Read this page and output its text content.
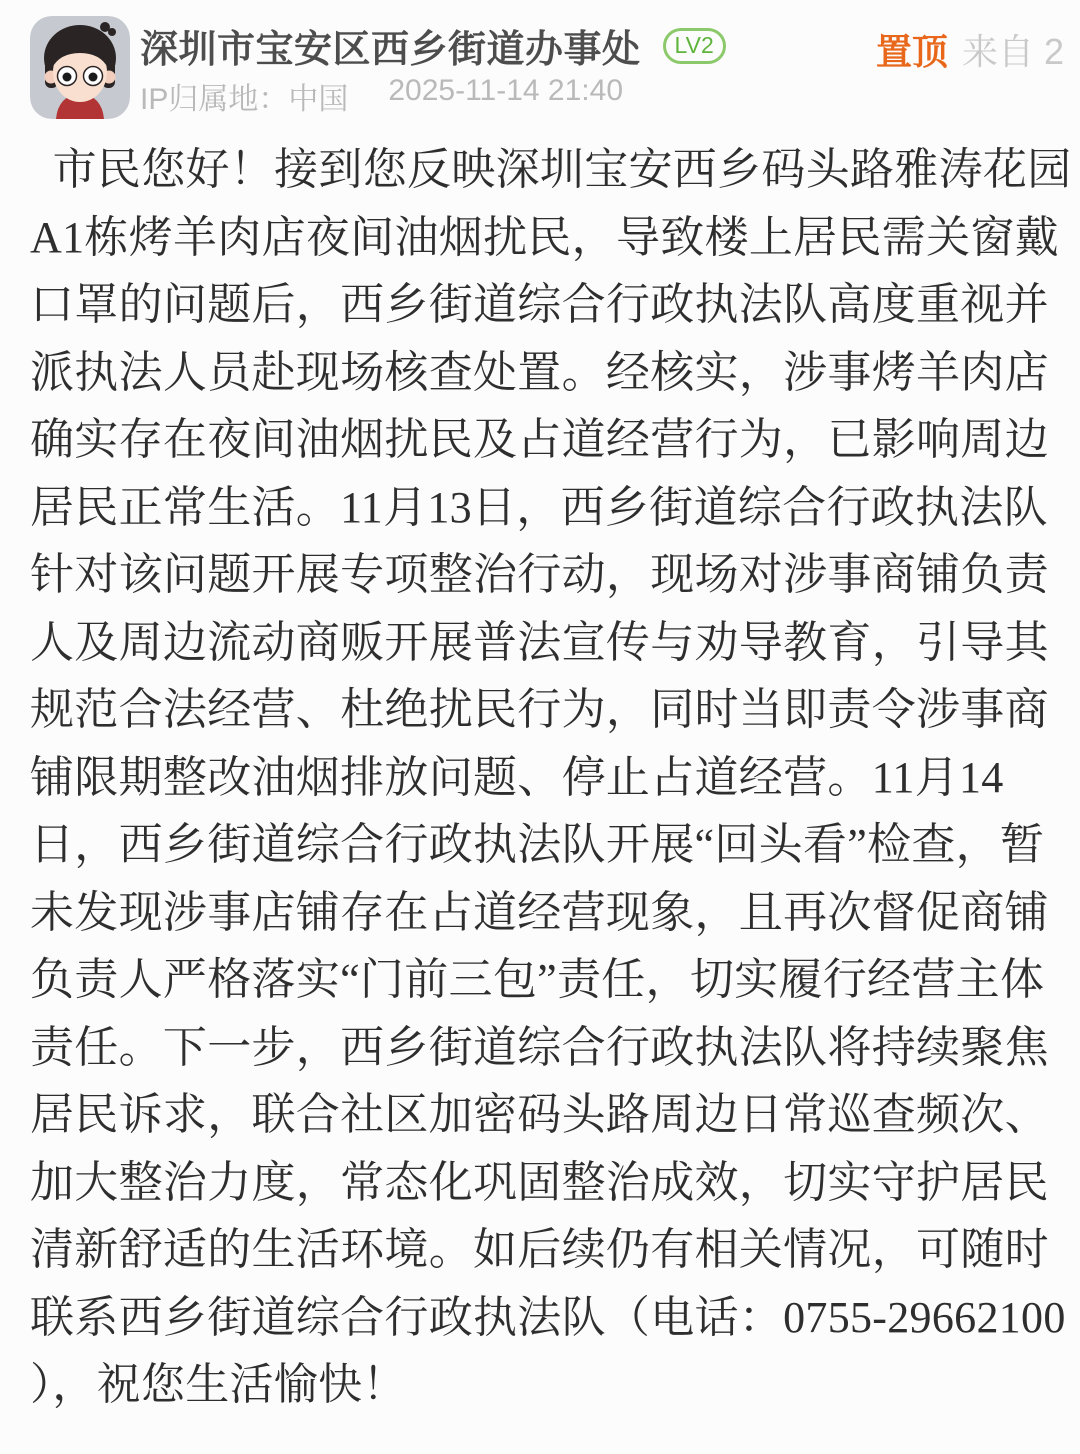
深圳市宝安区西乡街道办事处	LV2	置顶 来自 2
IP归属地：中国 2025-11-14 21:40
市民您好！接到您反映深圳宝安西乡码头路雅涛花园
A1栋烤羊肉店夜间油烟扰民，导致楼上居民需关窗戴
口罩的问题后，西乡街道综合行政执法队高度重视并
派执法人员赴现场核查处置。经核实，涉事烤羊肉店
确实存在夜间油烟扰民及占道经营行为，已影响周边
居民正常生活。11月13日，西乡街道综合行政执法队
针对该问题开展专项整治行动，现场对涉事商铺负责
人及周边流动商贩开展普法宣传与劝导教育，引导其
规范合法经营、杜绝扰民行为，同时当即责令涉事商
铺限期整改油烟排放问题、停止占道经营。11月14
日，西乡街道综合行政执法队开展“回头看”检查，暂
未发现涉事店铺存在占道经营现象，且再次督促商铺
负责人严格落实“门前三包”责任，切实履行经营主体
责任。下一步，西乡街道综合行政执法队将持续聚焦
居民诉求，联合社区加密码头路周边日常巡查频次、
加大整治力度，常态化巩固整治成效，切实守护居民
清新舒适的生活环境。如后续仍有相关情况，可随时
联系西乡街道综合行政执法队（电话：0755-29662100
），祝您生活愉快！
